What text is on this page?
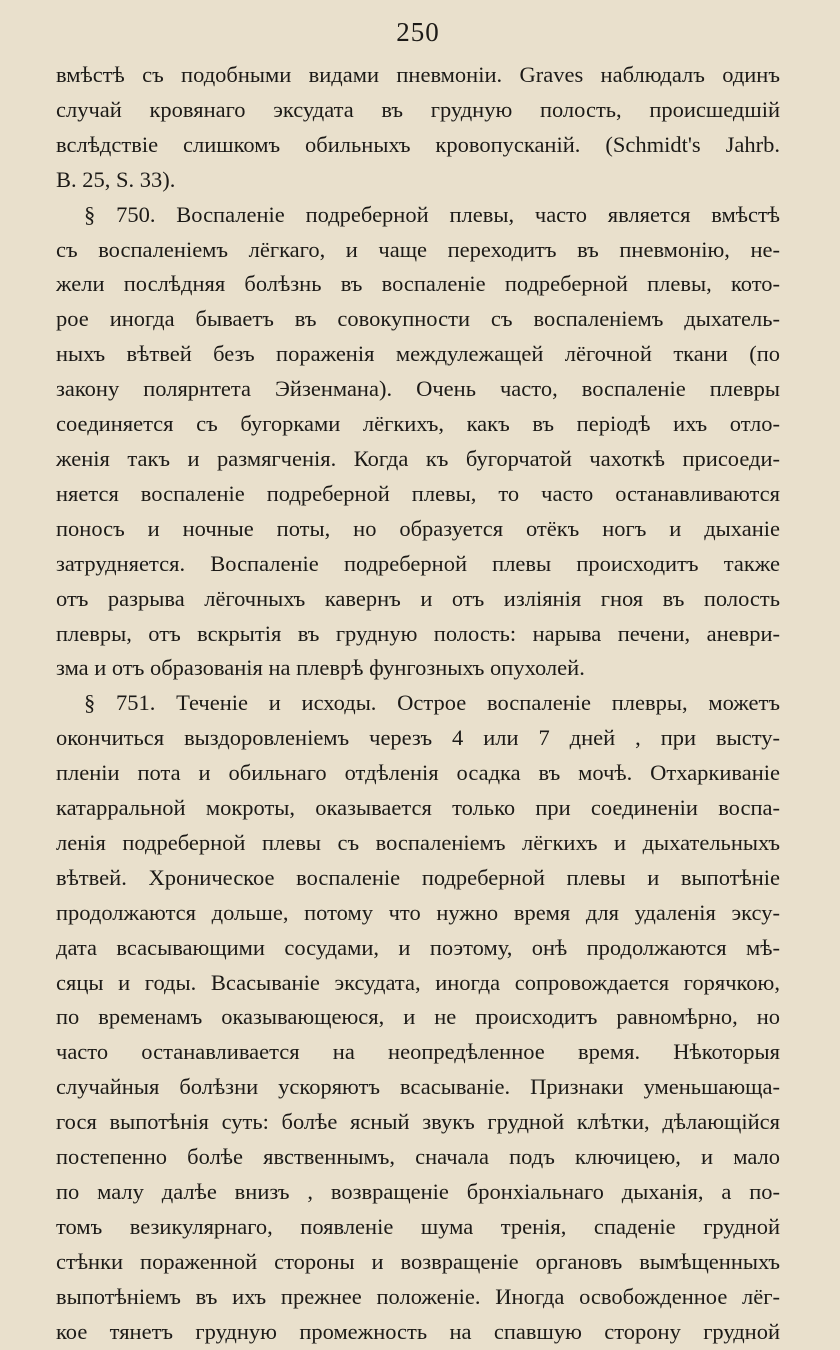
250
вмѣстѣ съ подобными видами пневмоніи. Graves наблюдалъ одинъ
случай кровянаго эксудата въ грудную полость, происшедшій
вслѣдствіе слишкомъ обильныхъ кровопусканій. (Schmidt's Jahrb.
B. 25, S. 33).
§ 750. Воспаленіе подреберной плевы, часто является вмѣстѣ
съ воспаленіемъ лёгкаго, и чаще переходитъ въ пневмонію, не-
жели послѣдняя болѣзнь въ воспаленіе подреберной плевы, кото-
рое иногда бываетъ въ совокупности съ воспаленіемъ дыхатель-
ныхъ вѣтвей безъ пораженія междулежащей лёгочной ткани (по
закону полярнтета Эйзенмана). Очень часто, воспаленіе плевры
соединяется съ бугорками лёгкихъ, какъ въ періодѣ ихъ отло-
женія такъ и размягченія. Когда къ бугорчатой чахоткѣ присоеди-
няется воспаленіе подреберной плевы, то часто останавливаются
поносъ и ночные поты, но образуется отёкъ ногъ и дыханіе
затрудняется. Воспаленіе подреберной плевы происходитъ также
отъ разрыва лёгочныхъ кавернъ и отъ изліянія гноя въ полость
плевры, отъ вскрытія въ грудную полость: нарыва печени, аневри-
зма и отъ образованія на плеврѣ фунгозныхъ опухолей.
§ 751. Теченіе и исходы. Острое воспаленіе плевры, можетъ
окончиться выздоровленіемъ черезъ 4 или 7 дней , при высту-
пленіи пота и обильнаго отдѣленія осадка въ мочѣ. Отхаркиваніе
катарральной мокроты, оказывается только при соединеніи воспа-
ленія подреберной плевы съ воспаленіемъ лёгкихъ и дыхательныхъ
вѣтвей. Хроническое воспаленіе подреберной плевы и выпотѣніе
продолжаются дольше, потому что нужно время для удаленія эксу-
дата всасывающими сосудами, и поэтому, онѣ продолжаются мѣ-
сяцы и годы. Всасываніе эксудата, иногда сопровождается горячкою,
по временамъ оказывающеюся, и не происходитъ равномѣрно, но
часто останавливается на неопредѣленное время. Нѣкоторыя
случайныя болѣзни ускоряютъ всасываніе. Признаки уменьшающа-
гося выпотѣнія суть: болѣе ясный звукъ грудной клѣтки, дѣлающійся
постепенно болѣе явственнымъ, сначала подъ ключицею, и мало
по малу далѣе внизъ , возвращеніе бронхіальнаго дыханія, а по-
томъ везикулярнаго, появленіе шума тренія, спаденіе грудной
стѣнки пораженной стороны и возвращеніе органовъ вымѣщенныхъ
выпотѣніемъ въ ихъ прежнее положеніе. Иногда освобожденное лёг-
кое тянетъ грудную промежность на спавшую сторону грудной
